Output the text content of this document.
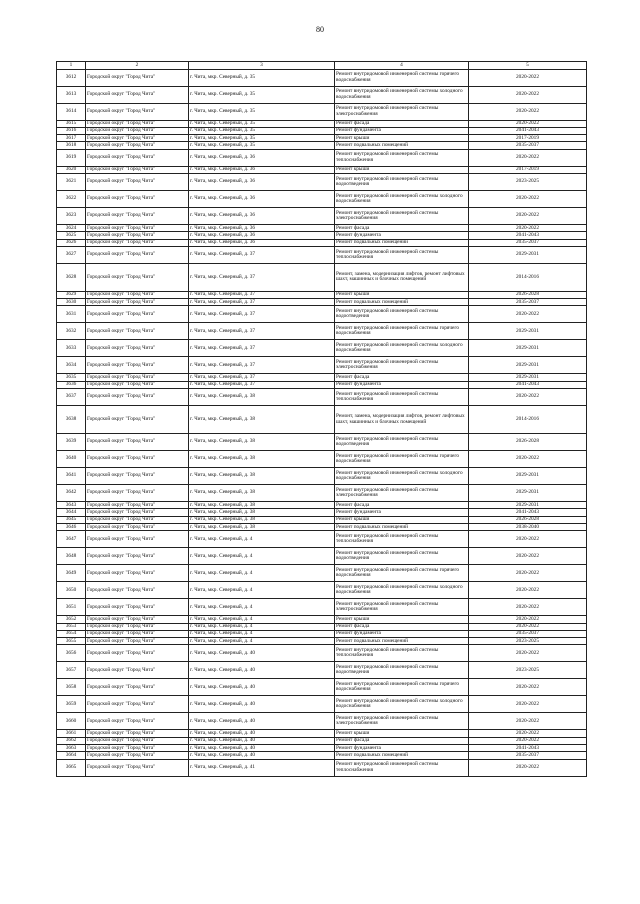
80
1	2	3	4	5
3612	Городской округ "Город Чита"	г. Чита, мкр. Северный, д. 35	Ремонт внутридомовой инженерной системы горячего водоснабжения	2020-2022
3613	Городской округ "Город Чита"	г. Чита, мкр. Северный, д. 35	Ремонт внутридомовой инженерной системы холодного водоснабжения	2020-2022
3614	Городской округ "Город Чита"	г. Чита, мкр. Северный, д. 35	Ремонт внутридомовой инженерной системы электроснабжения	2020-2022
3615	Городской округ "Город Чита"	г. Чита, мкр. Северный, д. 35	Ремонт фасада	2020-2022
3616	Городской округ "Город Чита"	г. Чита, мкр. Северный, д. 35	Ремонт фундамента	2041-2043
3617	Городской округ "Город Чита"	г. Чита, мкр. Северный, д. 35	Ремонт крыши	2017-2019
3618	Городской округ "Город Чита"	г. Чита, мкр. Северный, д. 35	Ремонт подвальных помещений	2035-2037
3619	Городской округ "Город Чита"	г. Чита, мкр. Северный, д. 36	Ремонт внутридомовой инженерной системы теплоснабжения	2020-2022
3620	Городской округ "Город Чита"	г. Чита, мкр. Северный, д. 36	Ремонт крыши	2017-2019
3621	Городской округ "Город Чита"	г. Чита, мкр. Северный, д. 36	Ремонт внутридомовой инженерной системы водоотведения	2023-2025
3622	Городской округ "Город Чита"	г. Чита, мкр. Северный, д. 36	Ремонт внутридомовой инженерной системы холодного водоснабжения	2020-2022
3623	Городской округ "Город Чита"	г. Чита, мкр. Северный, д. 36	Ремонт внутридомовой инженерной системы электроснабжения	2020-2022
3624	Городской округ "Город Чита"	г. Чита, мкр. Северный, д. 36	Ремонт фасада	2020-2022
3625	Городской округ "Город Чита"	г. Чита, мкр. Северный, д. 36	Ремонт фундамента	2041-2043
3626	Городской округ "Город Чита"	г. Чита, мкр. Северный, д. 36	Ремонт подвальных помещений	2035-2037
3627	Городской округ "Город Чита"	г. Чита, мкр. Северный, д. 37	Ремонт внутридомовой инженерной системы теплоснабжения	2029-2031
3628	Городской округ "Город Чита"	г. Чита, мкр. Северный, д. 37	Ремонт, замена, модернизация лифтов, ремонт лифтовых шахт, машинных и блочных помещений	2014-2016
3629	Городской округ "Город Чита"	г. Чита, мкр. Северный, д. 37	Ремонт крыши	2026-2028
3630	Городской округ "Город Чита"	г. Чита, мкр. Северный, д. 37	Ремонт подвальных помещений	2035-2037
3631	Городской округ "Город Чита"	г. Чита, мкр. Северный, д. 37	Ремонт внутридомовой инженерной системы водоотведения	2020-2022
3632	Городской округ "Город Чита"	г. Чита, мкр. Северный, д. 37	Ремонт внутридомовой инженерной системы горячего водоснабжения	2029-2031
3633	Городской округ "Город Чита"	г. Чита, мкр. Северный, д. 37	Ремонт внутридомовой инженерной системы холодного водоснабжения	2029-2031
3634	Городской округ "Город Чита"	г. Чита, мкр. Северный, д. 37	Ремонт внутридомовой инженерной системы электроснабжения	2029-2031
3635	Городской округ "Город Чита"	г. Чита, мкр. Северный, д. 37	Ремонт фасада	2029-2031
3636	Городской округ "Город Чита"	г. Чита, мкр. Северный, д. 37	Ремонт фундамента	2041-2043
3637	Городской округ "Город Чита"	г. Чита, мкр. Северный, д. 38	Ремонт внутридомовой инженерной системы теплоснабжения	2020-2022
3638	Городской округ "Город Чита"	г. Чита, мкр. Северный, д. 38	Ремонт, замена, модернизация лифтов, ремонт лифтовых шахт, машинных и блочных помещений	2014-2016
3639	Городской округ "Город Чита"	г. Чита, мкр. Северный, д. 38	Ремонт внутридомовой инженерной системы водоотведения	2026-2028
3640	Городской округ "Город Чита"	г. Чита, мкр. Северный, д. 38	Ремонт внутридомовой инженерной системы горячего водоснабжения	2020-2022
3641	Городской округ "Город Чита"	г. Чита, мкр. Северный, д. 38	Ремонт внутридомовой инженерной системы холодного водоснабжения	2029-2031
3642	Городской округ "Город Чита"	г. Чита, мкр. Северный, д. 38	Ремонт внутридомовой инженерной системы электроснабжения	2029-2031
3643	Городской округ "Город Чита"	г. Чита, мкр. Северный, д. 38	Ремонт фасада	2029-2031
3644	Городской округ "Город Чита"	г. Чита, мкр. Северный, д. 38	Ремонт фундамента	2041-2043
3645	Городской округ "Город Чита"	г. Чита, мкр. Северный, д. 38	Ремонт крыши	2026-2028
3646	Городской округ "Город Чита"	г. Чита, мкр. Северный, д. 38	Ремонт подвальных помещений	2038-2040
3647	Городской округ "Город Чита"	г. Чита, мкр. Северный, д. 4	Ремонт внутридомовой инженерной системы теплоснабжения	2020-2022
3648	Городской округ "Город Чита"	г. Чита, мкр. Северный, д. 4	Ремонт внутридомовой инженерной системы водоотведения	2020-2022
3649	Городской округ "Город Чита"	г. Чита, мкр. Северный, д. 4	Ремонт внутридомовой инженерной системы горячего водоснабжения	2020-2022
3650	Городской округ "Город Чита"	г. Чита, мкр. Северный, д. 4	Ремонт внутридомовой инженерной системы холодного водоснабжения	2020-2022
3651	Городской округ "Город Чита"	г. Чита, мкр. Северный, д. 4	Ремонт внутридомовой инженерной системы электроснабжения	2020-2022
3652	Городской округ "Город Чита"	г. Чита, мкр. Северный, д. 4	Ремонт крыши	2020-2022
3653	Городской округ "Город Чита"	г. Чита, мкр. Северный, д. 4	Ремонт фасада	2020-2022
3654	Городской округ "Город Чита"	г. Чита, мкр. Северный, д. 4	Ремонт фундамента	2035-2037
3655	Городской округ "Город Чита"	г. Чита, мкр. Северный, д. 4	Ремонт подвальных помещений	2023-2025
3656	Городской округ "Город Чита"	г. Чита, мкр. Северный, д. 40	Ремонт внутридомовой инженерной системы теплоснабжения	2020-2022
3657	Городской округ "Город Чита"	г. Чита, мкр. Северный, д. 40	Ремонт внутридомовой инженерной системы водоотведения	2023-2025
3658	Городской округ "Город Чита"	г. Чита, мкр. Северный, д. 40	Ремонт внутридомовой инженерной системы горячего водоснабжения	2020-2022
3659	Городской округ "Город Чита"	г. Чита, мкр. Северный, д. 40	Ремонт внутридомовой инженерной системы холодного водоснабжения	2020-2022
3660	Городской округ "Город Чита"	г. Чита, мкр. Северный, д. 40	Ремонт внутридомовой инженерной системы электроснабжения	2020-2022
3661	Городской округ "Город Чита"	г. Чита, мкр. Северный, д. 40	Ремонт крыши	2020-2022
3662	Городской округ "Город Чита"	г. Чита, мкр. Северный, д. 40	Ремонт фасада	2020-2022
3663	Городской округ "Город Чита"	г. Чита, мкр. Северный, д. 40	Ремонт фундамента	2041-2043
3664	Городской округ "Город Чита"	г. Чита, мкр. Северный, д. 40	Ремонт подвальных помещений	2035-2037
3665	Городской округ "Город Чита"	г. Чита, мкр. Северный, д. 41	Ремонт внутридомовой инженерной системы теплоснабжения	2020-2022
